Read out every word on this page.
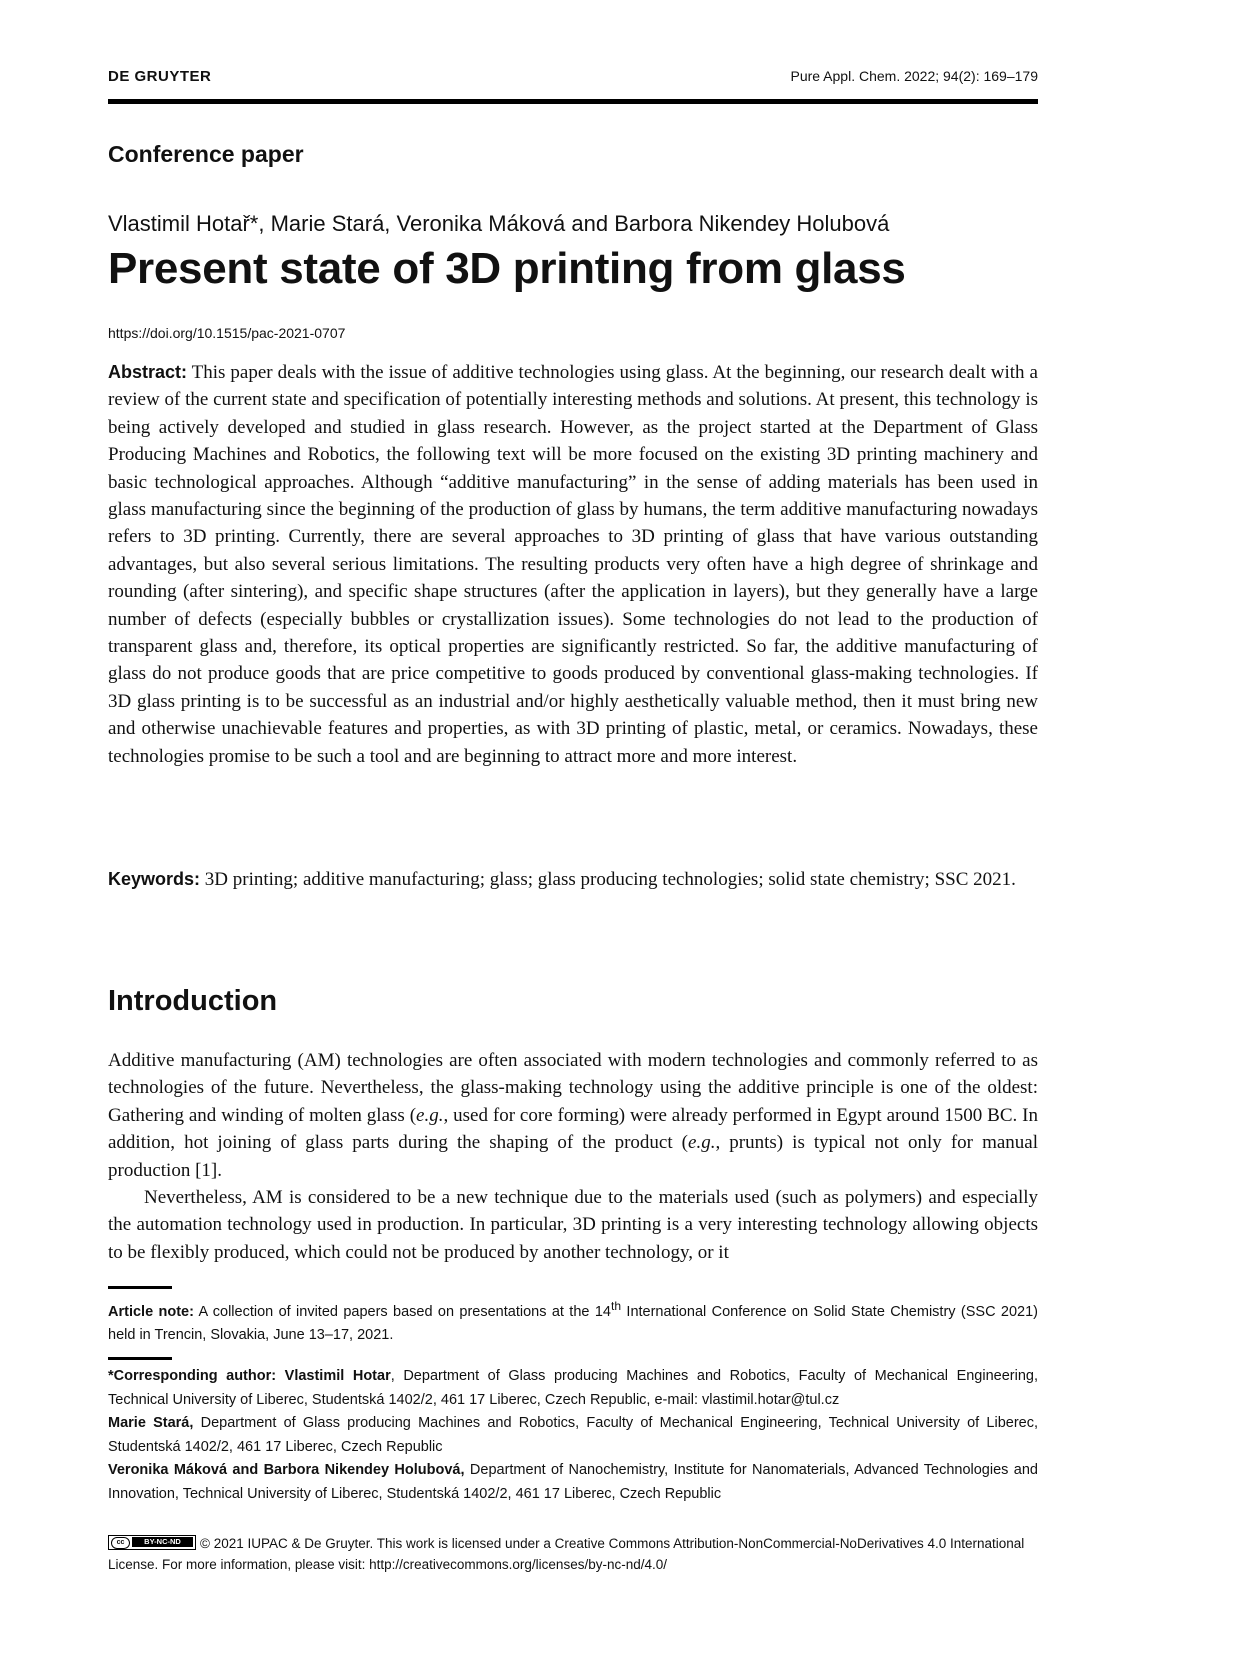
DE GRUYTER	Pure Appl. Chem. 2022; 94(2): 169–179
Conference paper
Vlastimil Hotař*, Marie Stará, Veronika Máková and Barbora Nikendey Holubová
Present state of 3D printing from glass
https://doi.org/10.1515/pac-2021-0707
Abstract: This paper deals with the issue of additive technologies using glass. At the beginning, our research dealt with a review of the current state and specification of potentially interesting methods and solutions. At present, this technology is being actively developed and studied in glass research. However, as the project started at the Department of Glass Producing Machines and Robotics, the following text will be more focused on the existing 3D printing machinery and basic technological approaches. Although “additive manufacturing” in the sense of adding materials has been used in glass manufacturing since the beginning of the production of glass by humans, the term additive manufacturing nowadays refers to 3D printing. Currently, there are several approaches to 3D printing of glass that have various outstanding advantages, but also several serious limitations. The resulting products very often have a high degree of shrinkage and rounding (after sintering), and specific shape structures (after the application in layers), but they generally have a large number of defects (especially bubbles or crystallization issues). Some technologies do not lead to the production of transparent glass and, therefore, its optical properties are significantly restricted. So far, the additive manufacturing of glass do not produce goods that are price competitive to goods produced by conventional glass-making technologies. If 3D glass printing is to be successful as an industrial and/or highly aesthetically valuable method, then it must bring new and otherwise unachievable features and properties, as with 3D printing of plastic, metal, or ceramics. Nowadays, these technologies promise to be such a tool and are beginning to attract more and more interest.
Keywords: 3D printing; additive manufacturing; glass; glass producing technologies; solid state chemistry; SSC 2021.
Introduction

Additive manufacturing (AM) technologies are often associated with modern technologies and commonly referred to as technologies of the future. Nevertheless, the glass-making technology using the additive principle is one of the oldest: Gathering and winding of molten glass (e.g., used for core forming) were already performed in Egypt around 1500 BC. In addition, hot joining of glass parts during the shaping of the product (e.g., prunts) is typical not only for manual production [1].

Nevertheless, AM is considered to be a new technique due to the materials used (such as polymers) and especially the automation technology used in production. In particular, 3D printing is a very interesting technology allowing objects to be flexibly produced, which could not be produced by another technology, or it

Article note: A collection of invited papers based on presentations at the 14th International Conference on Solid State Chemistry (SSC 2021) held in Trencin, Slovakia, June 13–17, 2021.

*Corresponding author: Vlastimil Hotar, Department of Glass producing Machines and Robotics, Faculty of Mechanical Engineering, Technical University of Liberec, Studentská 1402/2, 461 17 Liberec, Czech Republic, e-mail: vlastimil.hotar@tul.cz

Marie Stará, Department of Glass producing Machines and Robotics, Faculty of Mechanical Engineering, Technical University of Liberec, Studentská 1402/2, 461 17 Liberec, Czech Republic

Veronika Máková and Barbora Nikendey Holubová, Department of Nanochemistry, Institute for Nanomaterials, Advanced Technologies and Innovation, Technical University of Liberec, Studentská 1402/2, 461 17 Liberec, Czech Republic

cc	BY-NC-ND	© 2021 IUPAC & De Gruyter. This work is licensed under a Creative Commons Attribution-NonCommercial-NoDerivatives 4.0 International License. For more information, please visit: http://creativecommons.org/licenses/by-nc-nd/4.0/
